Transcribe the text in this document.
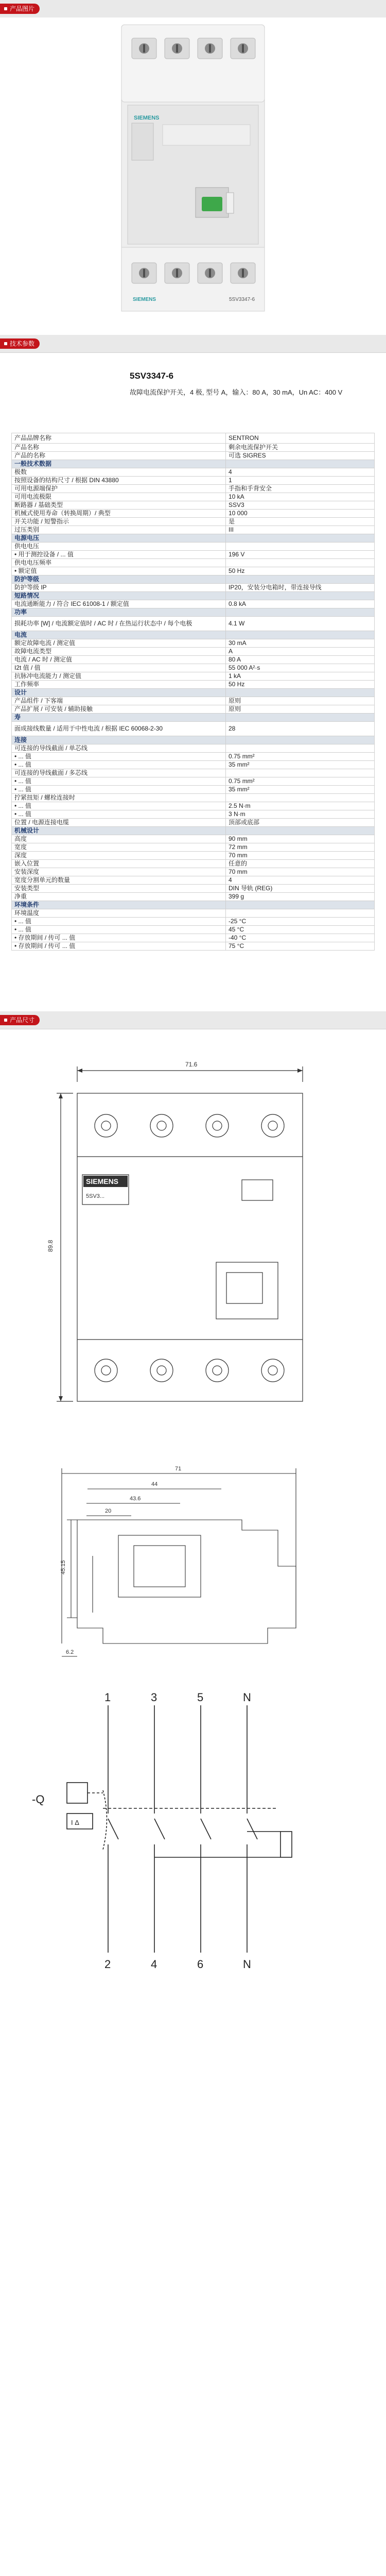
产品图片
SIEMENS
SIEMENS	5SV3347-6
技术参数
5SV3347-6
故障电流保护开关，4 极, 型号 A，输入：80 A，30 mA，Un AC：400 V
产品品牌名称	SENTRON
产品名称	剩余电流保护开关
产品的名称	可选 SIGRES
一般技术数据	
极数	4
按照设备的结构尺寸 / 根据 DIN 43880	1
可用电源端保护	手指和手背安全
可用电流极限	10 kA
断路器 / 基础类型	SSV3
机械式使用寿命（转换周期）/ 典型	10 000
开关功能 / 短警指示	是
过压类别	III
电源电压	
供电电压	
• 用于测控设备 / ... 值	196 V
供电电压频率	
• 额定值	50 Hz
防护等级	
防护等级 IP	IP20，安装分电箱时，带连接导线
短路情况	
电流通断能力 / 符合 IEC 61008-1 / 额定值	0.8 kA
功率	
损耗功率 [W] / 电流额定值时 / AC 时 / 在热运行状态中 / 每个电极	4.1 W
电流	
额定故障电流 / 测定值	30 mA
故障电流类型	A
电流 / AC 时 / 测定值	80 A
I2t 值 / 值	55 000 A²·s
抗脉冲电流能力 / 测定值	1 kA
工作频率	50 Hz
设计	
产品组件 / 下客端	原则
产品扩展 / 可安装 / 辅助接触	原则
寿	
面成接线数量 / 适用于中性电流 / 根据 IEC 60068-2-30	28
连接	
可连接的导线截面 / 单芯线	
• ... 值	0.75 mm²
• ... 值	35 mm²
可连接的导线截面 / 多芯线	
• ... 值	0.75 mm²
• ... 值	35 mm²
拧紧扭矩 / 螺栓连接时	
• ... 值	2.5 N·m
• ... 值	3 N·m
位置 / 电源连接电缆	顶部或底部
机械设计	
高度	90 mm
宽度	72 mm
深度	70 mm
嵌入位置	任意的
安装深度	70 mm
宽度分割单元的数量	4
安装类型	DIN 导轨 (REG)
净重	399 g
环境条件	
环境温度	
• ... 值	-25 °C
• ... 值	45 °C
• 存放期间 / 传可 ... 值	-40 °C
• 存放期间 / 传可 ... 值	75 °C
产品尺寸
SIEMENS
5SV3...
71.6
89.8
71
44
43.6
20
45.15
6.2
1	3	5	N
2	4	6	N
-Q
I Δ
